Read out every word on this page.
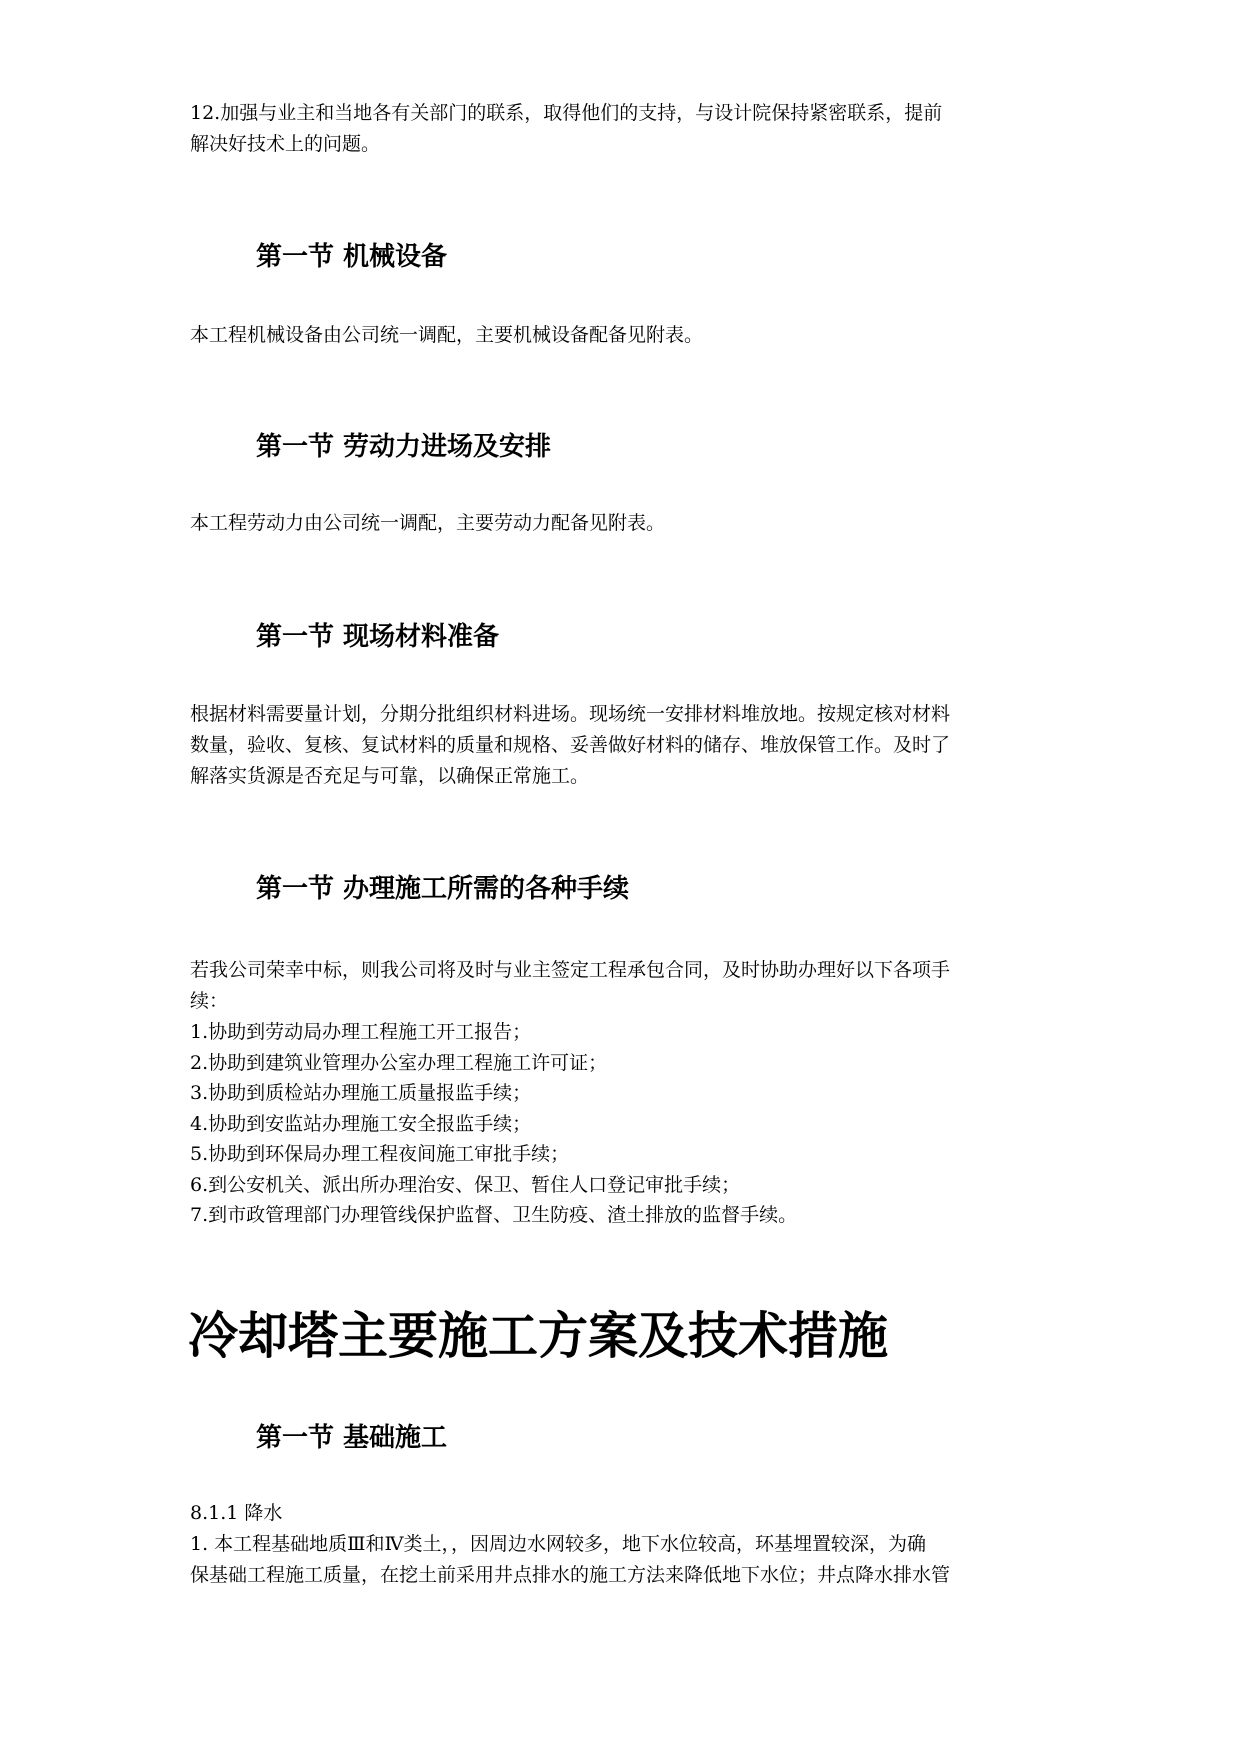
12.加强与业主和当地各有关部门的联系，取得他们的支持，与设计院保持紧密联系，提前
解决好技术上的问题。

第一节 机械设备

本工程机械设备由公司统一调配，主要机械设备配备见附表。

第一节 劳动力进场及安排

本工程劳动力由公司统一调配，主要劳动力配备见附表。

第一节 现场材料准备

根据材料需要量计划，分期分批组织材料进场。现场统一安排材料堆放地。按规定核对材料
数量，验收、复核、复试材料的质量和规格、妥善做好材料的储存、堆放保管工作。及时了
解落实货源是否充足与可靠，以确保正常施工。

第一节 办理施工所需的各种手续

若我公司荣幸中标，则我公司将及时与业主签定工程承包合同，及时协助办理好以下各项手
续：

1.协助到劳动局办理工程施工开工报告；
2.协助到建筑业管理办公室办理工程施工许可证；
3.协助到质检站办理施工质量报监手续；
4.协助到安监站办理施工安全报监手续；
5.协助到环保局办理工程夜间施工审批手续；
6.到公安机关、派出所办理治安、保卫、暂住人口登记审批手续；
7.到市政管理部门办理管线保护监督、卫生防疫、渣土排放的监督手续。
冷却塔主要施工方案及技术措施
第一节 基础施工

8.1.1 降水
1. 本工程基础地质Ⅲ和Ⅳ类土，，因周边水网较多，地下水位较高，环基埋置较深，为确
保基础工程施工质量，在挖土前采用井点排水的施工方法来降低地下水位；井点降水排水管
